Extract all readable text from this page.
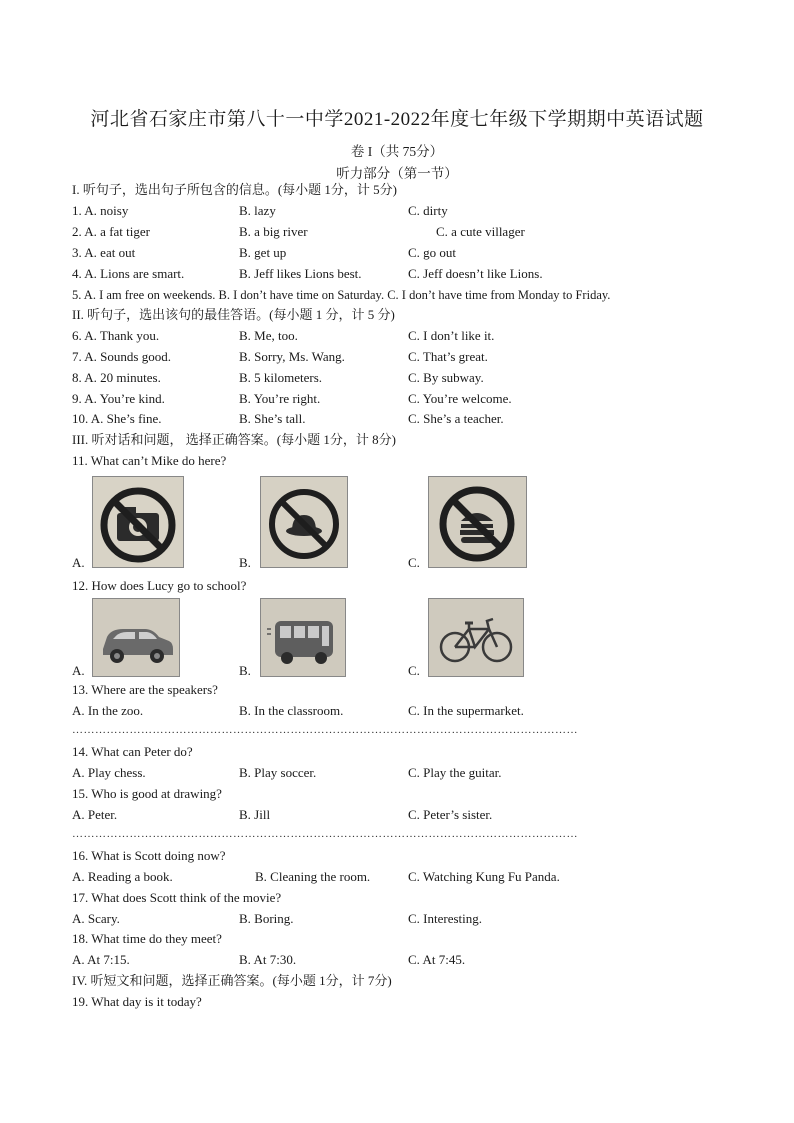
河北省石家庄市第八十一中学2021-2022年度七年级下学期期中英语试题
卷 I（共 75分）
听力部分（第一节）
I. 听句子，选出句子所包含的信息。(每小题 1分，计 5分)
1. A. noisy	B. lazy	C. dirty
2. A. a fat tiger	B. a big river	C. a cute villager
3. A. eat out	B. get up	C. go out
4. A. Lions are smart.	B. Jeff likes Lions best.	C. Jeff doesn’t like Lions.
5. A. I am free on weekends. B. I don’t have time on Saturday. C. I don’t have time from Monday to Friday.
II. 听句子，选出该句的最佳答语。(每小题 1 分，计 5 分)
6. A. Thank you.	B. Me, too.	C. I don’t like it.
7. A. Sounds good.	B. Sorry, Ms. Wang.	C. That’s great.
8. A. 20 minutes.	B. 5 kilometers.	C. By subway.
9. A. You’re kind.	B. You’re right.	C. You’re welcome.
10. A. She’s fine.	B. She’s tall.	C. She’s a teacher.
III. 听对话和问题， 选择正确答案。(每小题 1分，计 8分)
11. What can’t Mike do here?
A.	B.	C.
12. How does Lucy go to school?
A.	B.	C.
13. Where are the speakers?
A. In the zoo.	B. In the classroom.	C. In the supermarket.
……………………………………………………………………………………………………………………
14. What can Peter do?
A. Play chess.	B. Play soccer.	C. Play the guitar.
15. Who is good at drawing?
A. Peter.	B. Jill	C. Peter’s sister.
……………………………………………………………………………………………………………………
16. What is Scott doing now?
A. Reading a book.	B. Cleaning the room.	C. Watching Kung Fu Panda.
17. What does Scott think of the movie?
A. Scary.	B. Boring.	C. Interesting.
18. What time do they meet?
A. At 7:15.	B. At 7:30.	C. At 7:45.
IV. 听短文和问题，选择正确答案。(每小题 1分，计 7分)
19. What day is it today?
